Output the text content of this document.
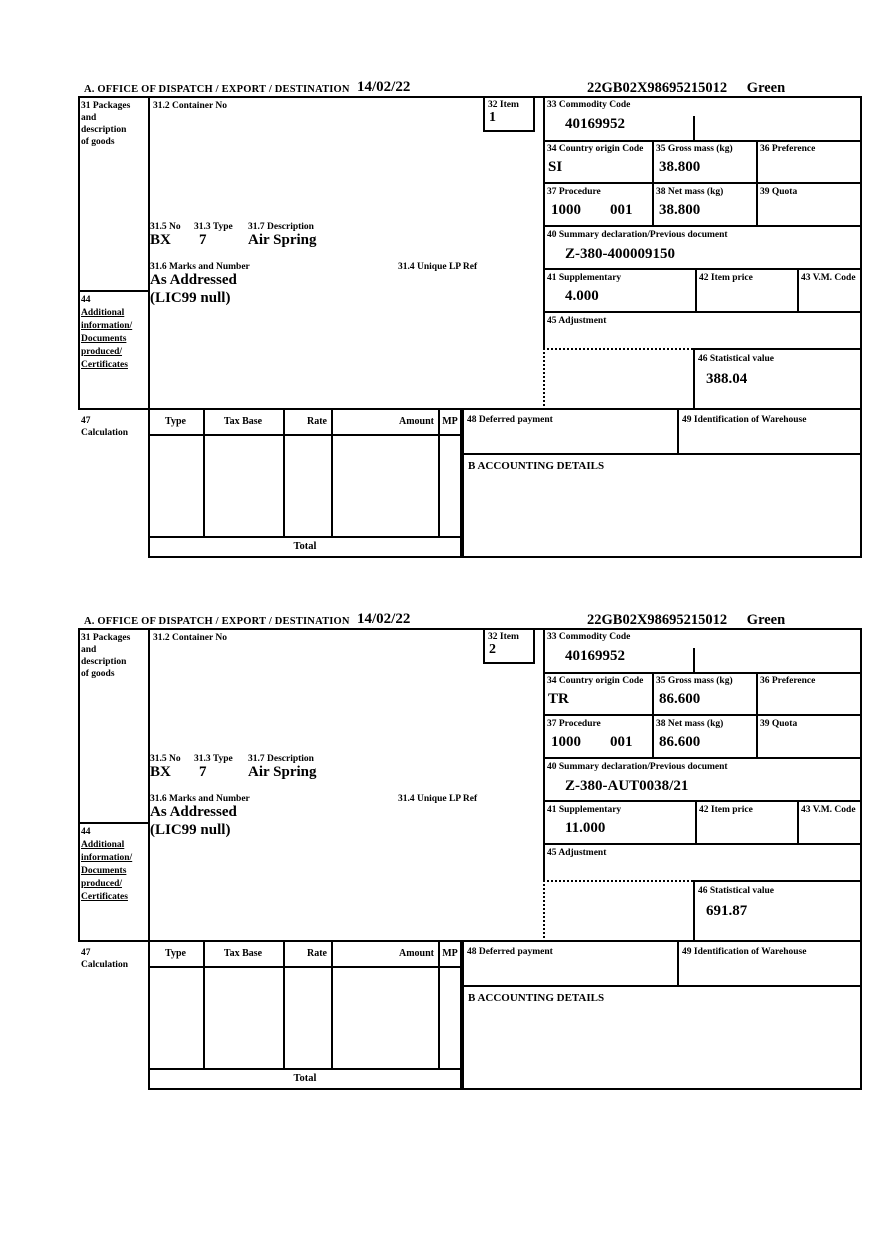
A. OFFICE OF DISPATCH / EXPORT / DESTINATION 14/02/22	22GB02X98695215012 Green
31 Packages
and
description
of goods
44
Additional
information/
Documents
produced/
Certificates
(LIC99 null)
31.2 Container No	32 Item
1
31.5 No 31.3 Type 31.7 Description
BX 7	Air Spring
31.6 Marks and Number
As Addressed
31.4 Unique LP Ref
33 Commodity Code
40169952
34 Country origin Code
SI
35 Gross mass (kg)
38.800
36 Preference
37 Procedure
1000 001
38 Net mass (kg)
38.800
39 Quota
40 Summary declaration/Previous document
Z-380-400009150
41 Supplementary
4.000
42 Item price	43 V.M. Code
45 Adjustment
46 Statistical value
388.04
47
Calculation
Type	Tax Base	Rate	Amount MP
Total
48 Deferred payment	49 Identification of Warehouse
B ACCOUNTING DETAILS
A. OFFICE OF DISPATCH / EXPORT / DESTINATION 14/02/22	22GB02X98695215012 Green
31 Packages
and
description
of goods
44
Additional
information/
Documents
produced/
Certificates
(LIC99 null)
31.2 Container No	32 Item
2
31.5 No 31.3 Type 31.7 Description
BX 7	Air Spring
31.6 Marks and Number
As Addressed
31.4 Unique LP Ref
33 Commodity Code
40169952
34 Country origin Code
TR
35 Gross mass (kg)
86.600
36 Preference
37 Procedure
1000 001
38 Net mass (kg)
86.600
39 Quota
40 Summary declaration/Previous document
Z-380-AUT0038/21
41 Supplementary
11.000
42 Item price	43 V.M. Code
45 Adjustment
46 Statistical value
691.87
47
Calculation
Type	Tax Base	Rate	Amount MP
Total
48 Deferred payment	49 Identification of Warehouse
B ACCOUNTING DETAILS
